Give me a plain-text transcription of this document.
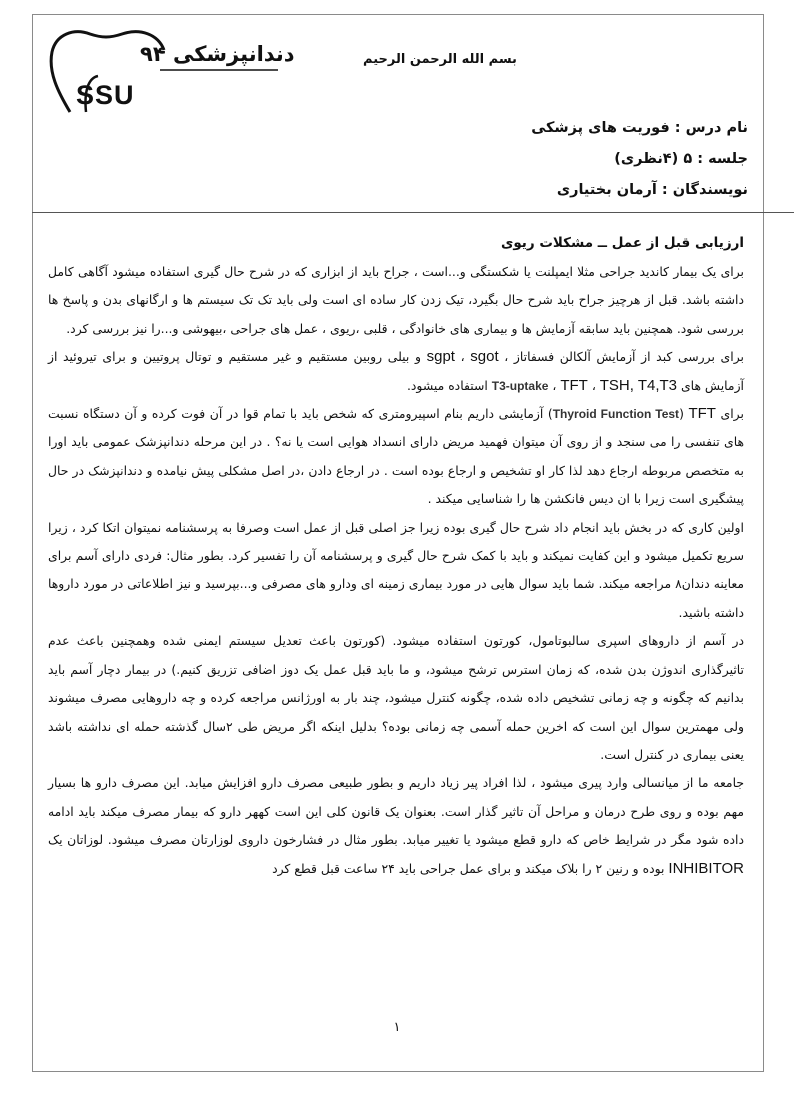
دندانپزشکی ۹۴
SSU
بسم الله الرحمن الرحیم
نام درس : فوریت های پزشکی
جلسه : ۵ (۴نظری)
نویسندگان : آرمان بختیاری
ارزیابی قبل از عمل ــ مشکلات ریوی

برای یک بیمار کاندید جراحی مثلا ایمپلنت یا شکستگی و...است ، جراح باید از ابزاری که در شرح حال گیری استفاده میشود آگاهی کامل داشته باشد. قبل از هرچیز جراح باید شرح حال بگیرد، تیک زدن کار ساده ای است ولی باید تک تک سیستم ها و ارگانهای بدن و پاسخ ها بررسی شود. همچنین باید سابقه آزمایش ها و بیماری های خانوادگی ، قلبی ،ریوی ، عمل های جراحی ،بیهوشی و...را نیز بررسی کرد.

برای بررسی کبد از آزمایش آلکالن فسفاتاز ، sgot ، sgpt و بیلی روبین مستقیم و غیر مستقیم و توتال پروتیین و برای تیروئید از آزمایش های TSH, T4,T3 ، TFT ، T3-uptake استفاده میشود.

برای TFT (Thyroid Function Test) آزمایشی داریم بنام اسپیرومتری که شخص باید با تمام قوا در آن فوت کرده و آن دستگاه نسبت های تنفسی را می سنجد و از روی آن میتوان فهمید مریض دارای انسداد هوایی است یا نه؟ . در این مرحله دندانپزشک عمومی باید اورا به متخصص مربوطه ارجاع دهد لذا کار او تشخیص و ارجاع بوده است . در ارجاع دادن ،در اصل مشکلی پیش نیامده و دندانپزشک در حال پیشگیری است زیرا با ان دیس فانکشن ها را شناسایی میکند .

اولین کاری که در بخش باید انجام داد شرح حال گیری بوده زیرا جز اصلی قبل از عمل است وصرفا به پرسشنامه نمیتوان اتکا کرد ، زیرا سریع تکمیل میشود و این کفایت نمیکند و باید با کمک شرح حال گیری و پرسشنامه آن را تفسیر کرد. بطور مثال: فردی دارای آسم برای معاینه دندان۸ مراجعه میکند. شما باید سوال هایی در مورد بیماری زمینه ای ودارو های مصرفی و...بپرسید و نیز اطلاعاتی در مورد داروها داشته باشید.

در آسم از داروهای اسپری سالبوتامول، کورتون استفاده میشود. (کورتون باعث تعدیل سیستم ایمنی شده وهمچنین باعث عدم تاثیرگذاری اندوژن بدن شده، که زمان استرس ترشح میشود، و ما باید قبل عمل یک دوز اضافی تزریق کنیم.) در بیمار دچار آسم باید بدانیم که چگونه و چه زمانی تشخیص داده شده، چگونه کنترل میشود، چند بار به اورژانس مراجعه کرده و چه داروهایی مصرف میشوند ولی مهمترین سوال این است که اخرین حمله آسمی چه زمانی بوده؟ بدلیل اینکه اگر مریض طی ۲سال گذشته حمله ای نداشته باشد یعنی بیماری در کنترل است.

جامعه ما از میانسالی وارد پیری میشود ، لذا افراد پیر زیاد داریم و بطور طبیعی مصرف دارو افزایش میابد. این مصرف دارو ها بسیار مهم بوده و روی طرح درمان و مراحل آن تاثیر گذار است. بعنوان یک قانون کلی این است کههر دارو که بیمار مصرف میکند باید ادامه داده شود مگر در شرایط خاص که دارو قطع میشود یا تغییر میابد. بطور مثال در فشارخون داروی لوزارتان مصرف میشود. لوزاتان یک INHIBITOR بوده و رنین ۲ را بلاک میکند و برای عمل جراحی باید ۲۴ ساعت قبل قطع کرد

۱
